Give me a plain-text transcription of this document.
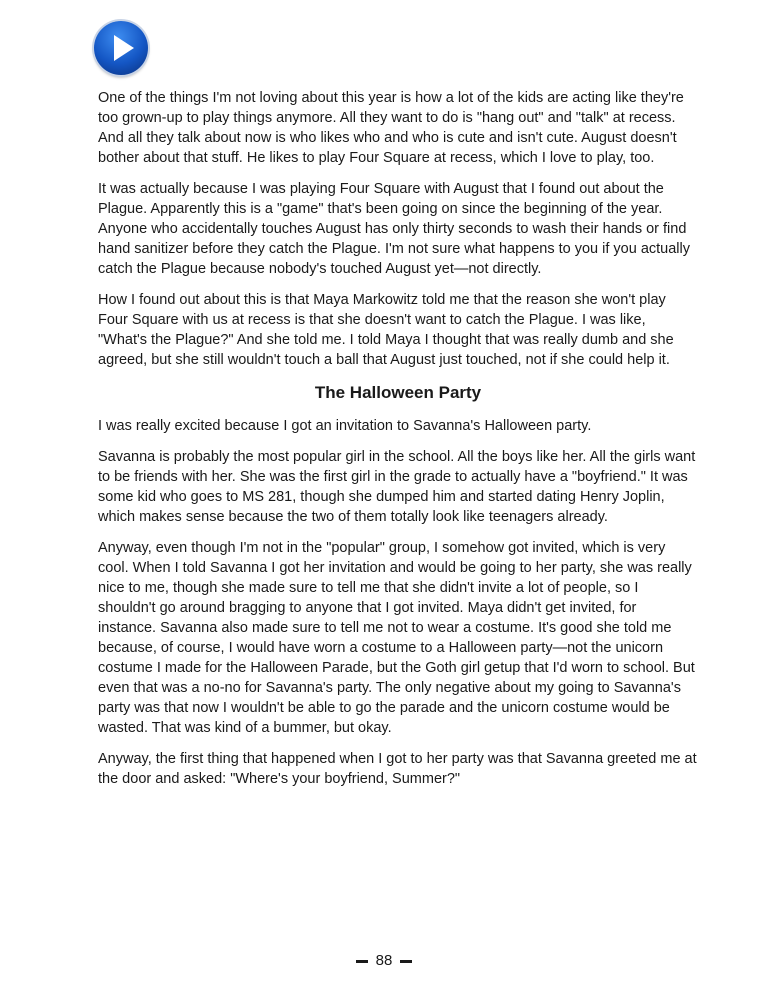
One of the things I'm not loving about this year is how a lot of the kids are acting like they're too grown-up to play things anymore. All they want to do is "hang out" and "talk" at recess. And all they talk about now is who likes who and who is cute and isn't cute. August doesn't bother about that stuff. He likes to play Four Square at recess, which I love to play, too.

It was actually because I was playing Four Square with August that I found out about the Plague. Apparently this is a "game" that's been going on since the beginning of the year. Anyone who accidentally touches August has only thirty seconds to wash their hands or find hand sanitizer before they catch the Plague. I'm not sure what happens to you if you actually catch the Plague because nobody's touched August yet—not directly.

How I found out about this is that Maya Markowitz told me that the reason she won't play Four Square with us at recess is that she doesn't want to catch the Plague. I was like, "What's the Plague?" And she told me. I told Maya I thought that was really dumb and she agreed, but she still wouldn't touch a ball that August just touched, not if she could help it.

The Halloween Party

I was really excited because I got an invitation to Savanna's Halloween party.

Savanna is probably the most popular girl in the school. All the boys like her. All the girls want to be friends with her. She was the first girl in the grade to actually have a "boyfriend." It was some kid who goes to MS 281, though she dumped him and started dating Henry Joplin, which makes sense because the two of them totally look like teenagers already.

Anyway, even though I'm not in the "popular" group, I somehow got invited, which is very cool. When I told Savanna I got her invitation and would be going to her party, she was really nice to me, though she made sure to tell me that she didn't invite a lot of people, so I shouldn't go around bragging to anyone that I got invited. Maya didn't get invited, for instance. Savanna also made sure to tell me not to wear a costume. It's good she told me because, of course, I would have worn a costume to a Halloween party—not the unicorn costume I made for the Halloween Parade, but the Goth girl getup that I'd worn to school. But even that was a no-no for Savanna's party. The only negative about my going to Savanna's party was that now I wouldn't be able to go the parade and the unicorn costume would be wasted. That was kind of a bummer, but okay.

Anyway, the first thing that happened when I got to her party was that Savanna greeted me at the door and asked: "Where's your boyfriend, Summer?"

88
